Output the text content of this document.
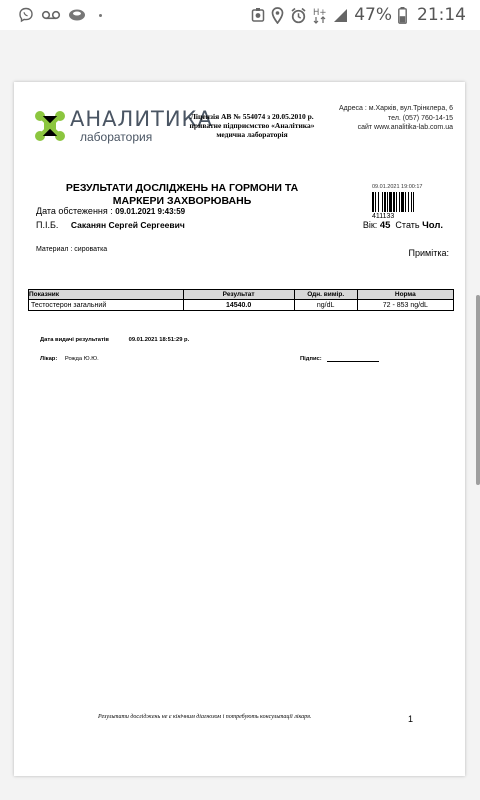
H+ 47% 21:14
АНАЛИТИКА
лаборатория
Ліцензія АВ № 554074 з 20.05.2010 р.
приватне підприємство «Аналітика»
медична лабораторія
Адреса : м.Харків, вул.Трінклера, 6
тел. (057) 760-14-15
сайт www.analitika-lab.com.ua
РЕЗУЛЬТАТИ ДОСЛІДЖЕНЬ НА ГОРМОНИ ТА МАРКЕРИ ЗАХВОРЮВАНЬ
09.01.2021 19:00:17
411133
Дата обстеження : 09.01.2021 9:43:59
П.І.Б. Саканян Сергей Сергеевич	Вік: 45 Стать Чол.
Материал : сироватка	Примітка:
Показник	Результат	Одн. вимір.	Норма
Тестостерон загальний	14540.0	ng/dL	72 - 853 ng/dL
Дата видачі результатів	09.01.2021 18:51:29 р.
Лікар: Рожда Ю.Ю.	Підпис:
Результати досліджень не є кінічним діагнозом і потребують консультації лікаря.	1
